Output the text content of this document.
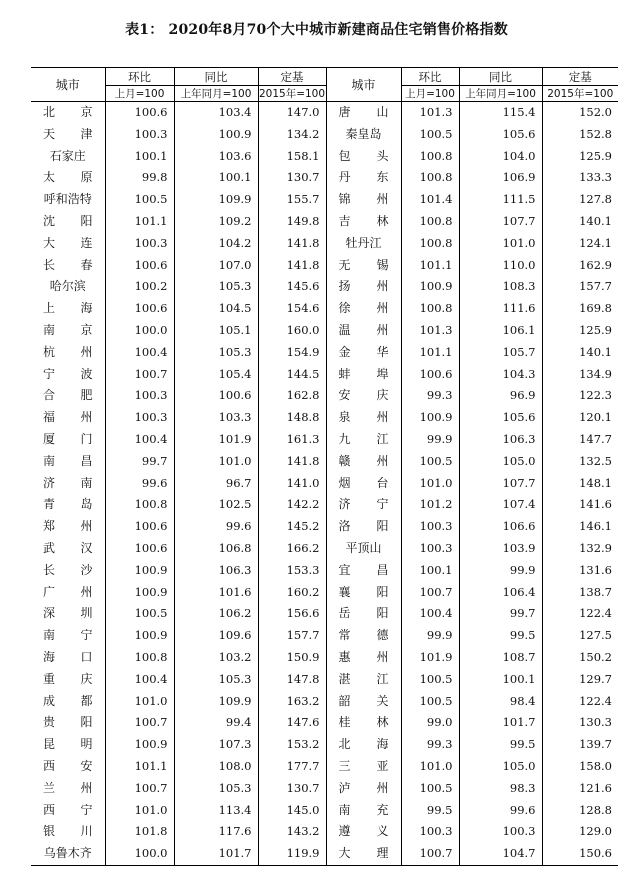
表1： 2020年8月70个大中城市新建商品住宅销售价格指数
城市	环比	同比	定基	城市	环比	同比	定基
	上月=100	上年同月=100	2015年=100		上月=100	上年同月=100	2015年=100

北 京	100.6	103.4	147.0	唐 山	101.3	115.4	152.0

天 津	100.3	100.9	134.2	秦皇岛	100.5	105.6	152.8

石家庄	100.1	103.6	158.1	包 头	100.8	104.0	125.9

太 原	99.8	100.1	130.7	丹 东	100.8	106.9	133.3

呼和浩特	100.5	109.9	155.7	锦 州	101.4	111.5	127.8

沈 阳	101.1	109.2	149.8	吉 林	100.8	107.7	140.1

大 连	100.3	104.2	141.8	牡丹江	100.8	101.0	124.1

长 春	100.6	107.0	141.8	无 锡	101.1	110.0	162.9

哈尔滨	100.2	105.3	145.6	扬 州	100.9	108.3	157.7

上 海	100.6	104.5	154.6	徐 州	100.8	111.6	169.8

南 京	100.0	105.1	160.0	温 州	101.3	106.1	125.9

杭 州	100.4	105.3	154.9	金 华	101.1	105.7	140.1

宁 波	100.7	105.4	144.5	蚌 埠	100.6	104.3	134.9

合 肥	100.3	100.6	162.8	安 庆	99.3	96.9	122.3

福 州	100.3	103.3	148.8	泉 州	100.9	105.6	120.1

厦 门	100.4	101.9	161.3	九 江	99.9	106.3	147.7

南 昌	99.7	101.0	141.8	赣 州	100.5	105.0	132.5

济 南	99.6	96.7	141.0	烟 台	101.0	107.7	148.1

青 岛	100.8	102.5	142.2	济 宁	101.2	107.4	141.6

郑 州	100.6	99.6	145.2	洛 阳	100.3	106.6	146.1

武 汉	100.6	106.8	166.2	平顶山	100.3	103.9	132.9

长 沙	100.9	106.3	153.3	宜 昌	100.1	99.9	131.6

广 州	100.9	101.6	160.2	襄 阳	100.7	106.4	138.7

深 圳	100.5	106.2	156.6	岳 阳	100.4	99.7	122.4

南 宁	100.9	109.6	157.7	常 德	99.9	99.5	127.5

海 口	100.8	103.2	150.9	惠 州	101.9	108.7	150.2

重 庆	100.4	105.3	147.8	湛 江	100.5	100.1	129.7

成 都	101.0	109.9	163.2	韶 关	100.5	98.4	122.4

贵 阳	100.7	99.4	147.6	桂 林	99.0	101.7	130.3

昆 明	100.9	107.3	153.2	北 海	99.3	99.5	139.7

西 安	101.1	108.0	177.7	三 亚	101.0	105.0	158.0

兰 州	100.7	105.3	130.7	泸 州	100.5	98.3	121.6

西 宁	101.0	113.4	145.0	南 充	99.5	99.6	128.8

银 川	101.8	117.6	143.2	遵 义	100.3	100.3	129.0

乌鲁木齐	100.0	101.7	119.9	大 理	100.7	104.7	150.6
